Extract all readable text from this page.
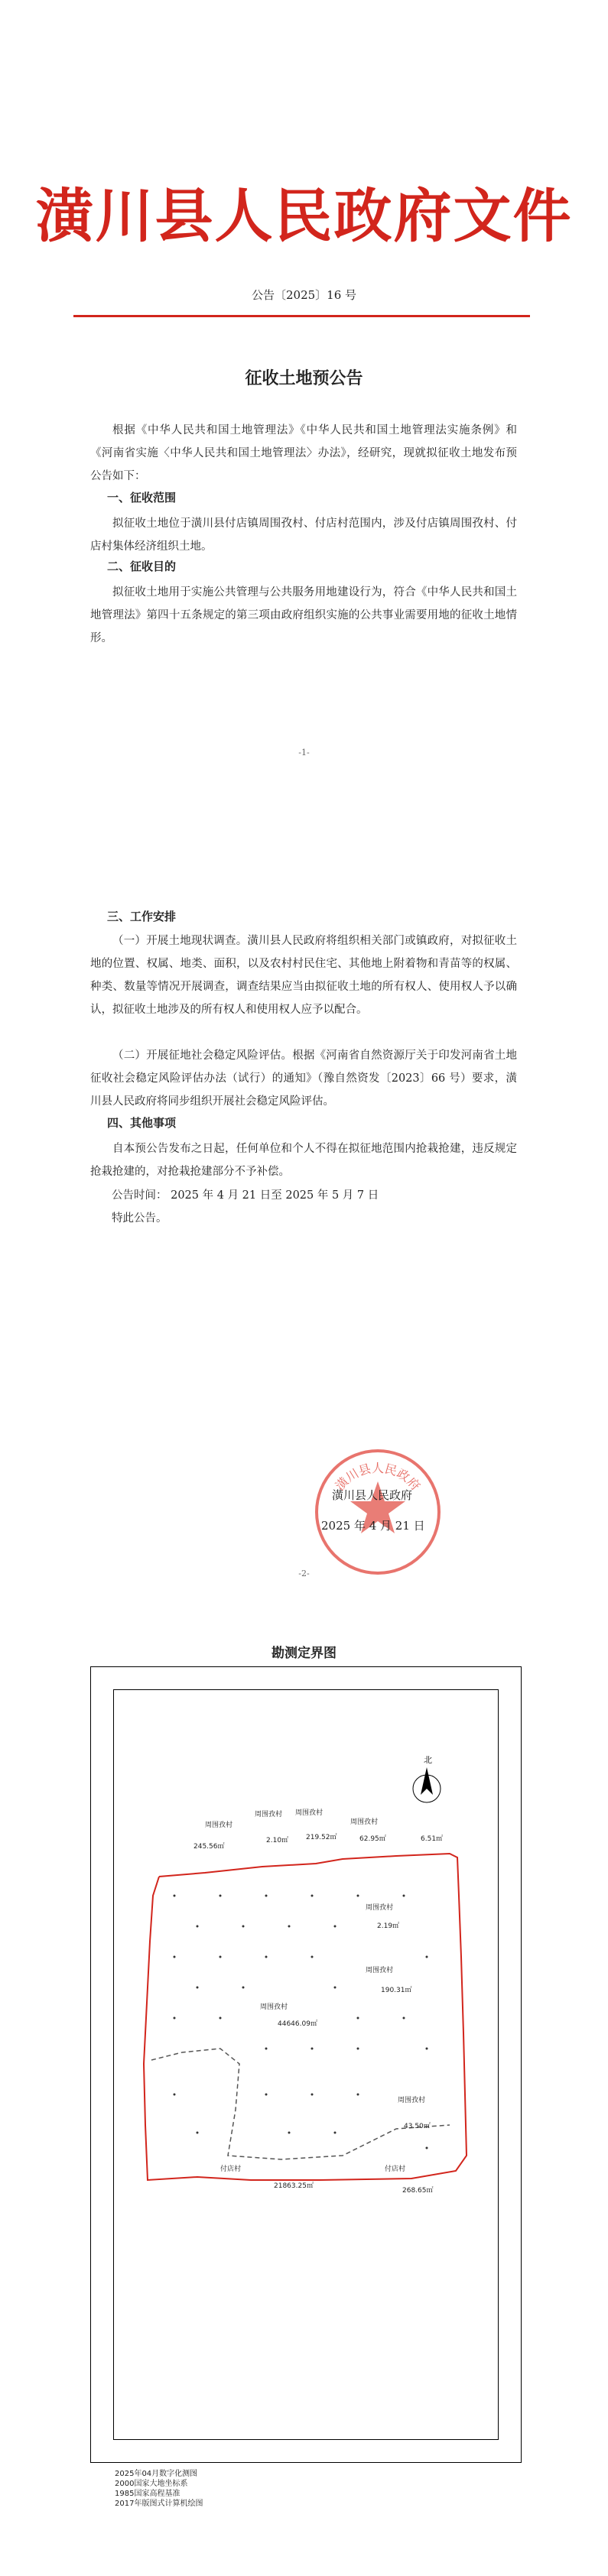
潢川县人民政府文件
公告〔2025〕16 号
征收土地预公告
根据《中华人民共和国土地管理法》《中华人民共和国土地管理法实施条例》和《河南省实施〈中华人民共和国土地管理法〉办法》，经研究，现就拟征收土地发布预公告如下：
一、征收范围
拟征收土地位于潢川县付店镇周围孜村、付店村范围内，涉及付店镇周围孜村、付店村集体经济组织土地。
二、征收目的
拟征收土地用于实施公共管理与公共服务用地建设行为，符合《中华人民共和国土地管理法》第四十五条规定的第三项由政府组织实施的公共事业需要用地的征收土地情形。
-1-
三、工作安排
（一）开展土地现状调查。潢川县人民政府将组织相关部门或镇政府，对拟征收土地的位置、权属、地类、面积，以及农村村民住宅、其他地上附着物和青苗等的权属、种类、数量等情况开展调查，调查结果应当由拟征收土地的所有权人、使用权人予以确认，拟征收土地涉及的所有权人和使用权人应予以配合。
（二）开展征地社会稳定风险评估。根据《河南省自然资源厅关于印发河南省土地征收社会稳定风险评估办法（试行）的通知》（豫自然资发〔2023〕66 号）要求，潢川县人民政府将同步组织开展社会稳定风险评估。
四、其他事项
自本预公告发布之日起，任何单位和个人不得在拟征地范围内抢栽抢建，违反规定抢栽抢建的，对抢栽抢建部分不予补偿。
公告时间： 2025 年 4 月 21 日至 2025 年 5 月 7 日
特此公告。
潢川县人民政府
潢川县人民政府
2025 年 4 月 21 日
-2-
勘测定界图
北
周围孜村
245.56㎡
周围孜村
2.10㎡
周围孜村
219.52㎡
周围孜村
62.95㎡	6.51㎡
周围孜村
2.19㎡
周围孜村
190.31㎡
周围孜村
44646.09㎡
周围孜村
43.50㎡
付店村
268.65㎡
付店村
21863.25㎡
2025年04月数字化测图
2000国家大地坐标系
1985国家高程基准
2017年版图式计算机绘图
